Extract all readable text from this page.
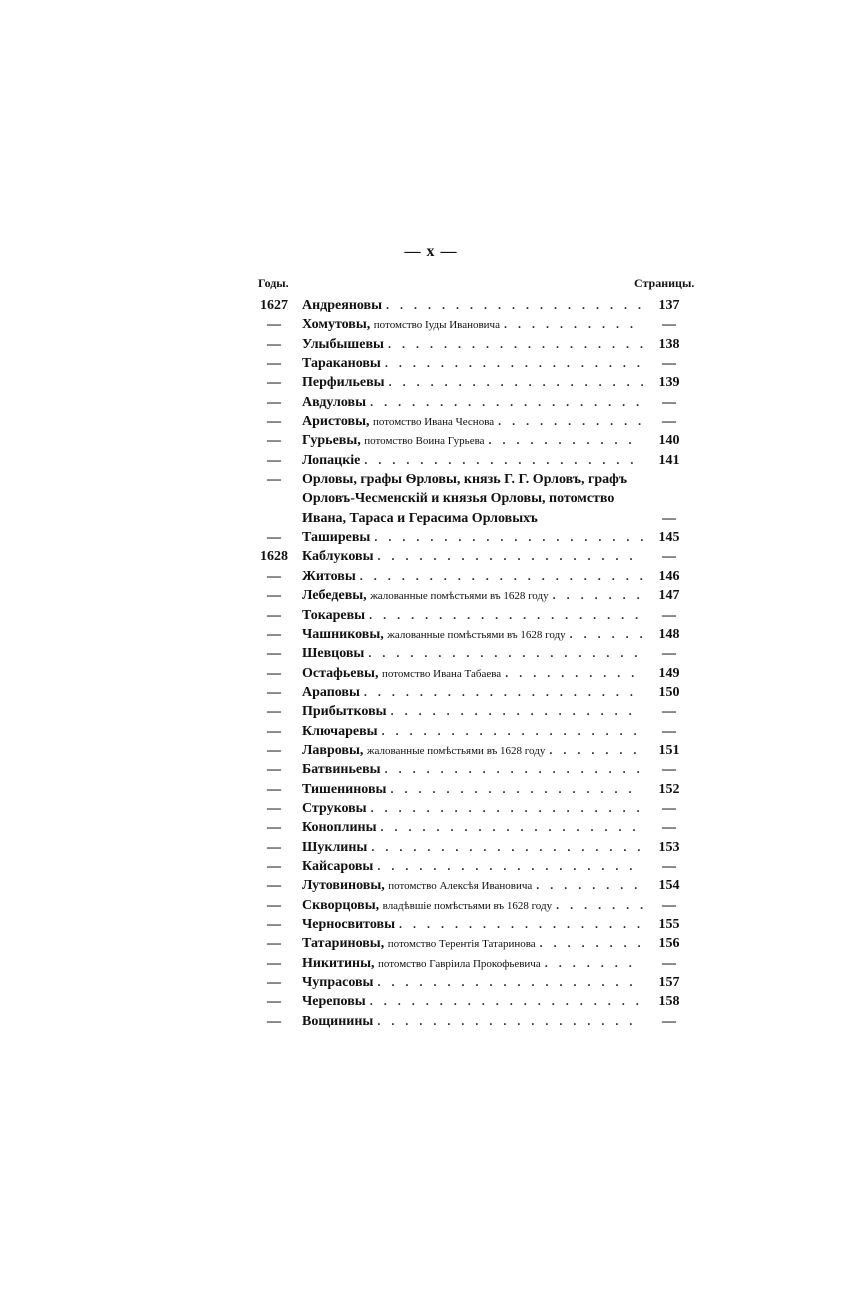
— x —
Годы.	Страницы.
1627	Андреяновы . . .	137
—	Хомутовы, потомство Іуды Ивановича . . .	—
—	Улыбышевы . . .	138
—	Таракановы . . .	—
—	Перфильевы . . .	139
—	Авдуловы . . .	—
—	Аристовы, потомство Ивана Чеснова . . .	—
—	Гурьевы, потомство Воина Гурьева . . .	140
—	Лопацкіе . . .	141
—	Орловы, графы Ѳрловы, князь Г. Г. Орловъ, графъ
Орловъ-Чесменскій и князья Орловы, потомство
Ивана, Тараса и Герасима Орловыхъ	—
—	Таширевы . . .	145
1628	Каблуковы . . .	—
—	Житовы . . .	146
—	Лебедевы, жалованные помѣстьями въ 1628 году . . .	147
—	Токаревы . . .	—
—	Чашниковы, жалованные помѣстьями въ 1628 году . . .	148
—	Шевцовы . . .	—
—	Остафьевы, потомство Ивана Табаева . . .	149
—	Араповы . . .	150
—	Прибытковы . . .	—
—	Ключаревы . . .	—
—	Лавровы, жалованные помѣстьями въ 1628 году . . .	151
—	Батвиньевы . . .	—
—	Тишениновы . . .	152
—	Струковы . . .	—
—	Коноплины . . .	—
—	Шуклины . . .	153
—	Кайсаровы . . .	—
—	Лутовиновы, потомство Алексѣя Ивановича . . .	154
—	Скворцовы, владѣвшіе помѣстьями въ 1628 году . . .	—
—	Черносвитовы . . .	155
—	Татариновы, потомство Терентія Татаринова . . .	156
—	Никитины, потомство Гавріила Прокофьевича . . .	—
—	Чупрасовы . . .	157
—	Череповы . . .	158
—	Вощинины . . .	—
